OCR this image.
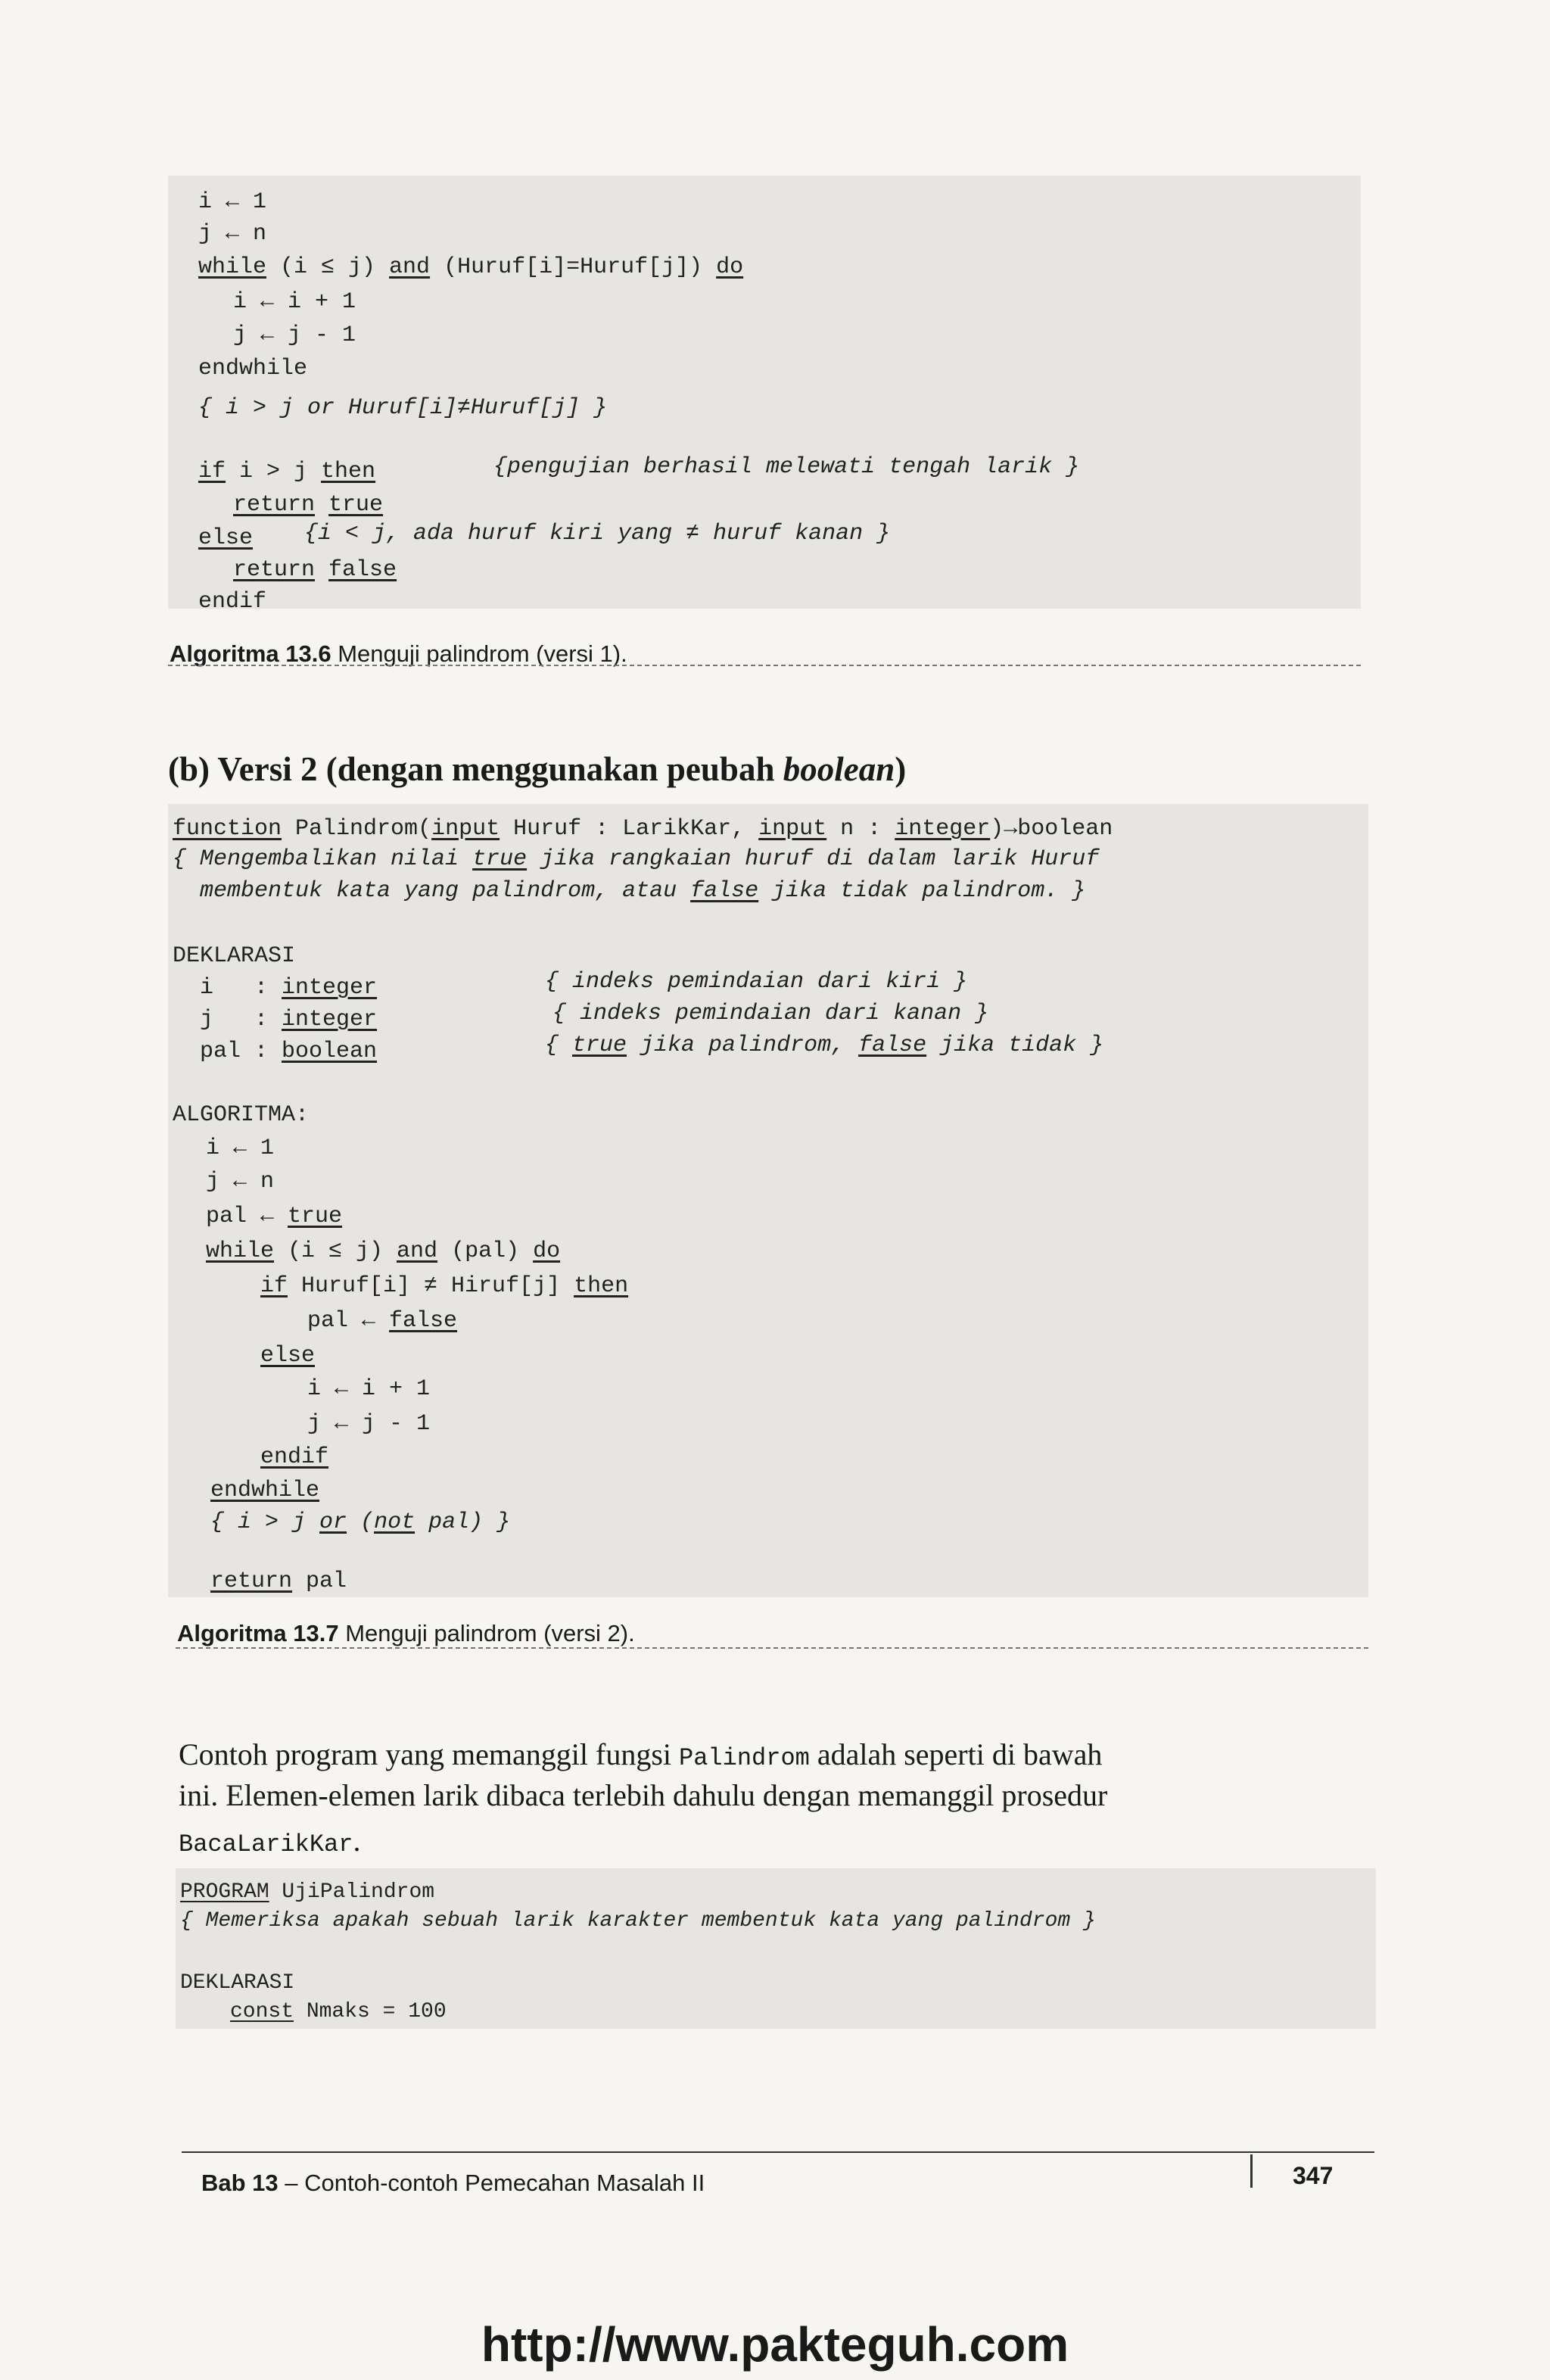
i ← 1
j ← n
while (i ≤ j) and (Huruf[i]=Huruf[j]) do
i ← i + 1
j ← j - 1
endwhile
{ i > j or Huruf[i]≠Huruf[j] }
if i > j then	{pengujian berhasil melewati tengah larik }
return true
else {i < j, ada huruf kiri yang ≠ huruf kanan }
return false
endif
Algoritma 13.6 Menguji palindrom (versi 1).
(b) Versi 2 (dengan menggunakan peubah boolean)
function Palindrom(input Huruf : LarikKar, input n : integer)→boolean
{ Mengembalikan nilai true jika rangkaian huruf di dalam larik Huruf
membentuk kata yang palindrom, atau false jika tidak palindrom. }
DEKLARASI
i   : integer	{ indeks pemindaian dari kiri }
j   : integer	{ indeks pemindaian dari kanan }
pal : boolean	{ true jika palindrom, false jika tidak }
ALGORITMA:
i ← 1
j ← n
pal ← true
while (i ≤ j) and (pal) do
if Huruf[i] ≠ Hiruf[j] then
pal ← false
else
i ← i + 1
j ← j - 1
endif
endwhile
{ i > j or (not pal) }
return pal
Algoritma 13.7 Menguji palindrom (versi 2).
Contoh program yang memanggil fungsi Palindrom adalah seperti di bawah
ini. Elemen-elemen larik dibaca terlebih dahulu dengan memanggil prosedur
BacaLarikKar.
PROGRAM UjiPalindrom
{ Memeriksa apakah sebuah larik karakter membentuk kata yang palindrom }
DEKLARASI
const Nmaks = 100
Bab 13 – Contoh-contoh Pemecahan Masalah II	347
http://www.pakteguh.com
